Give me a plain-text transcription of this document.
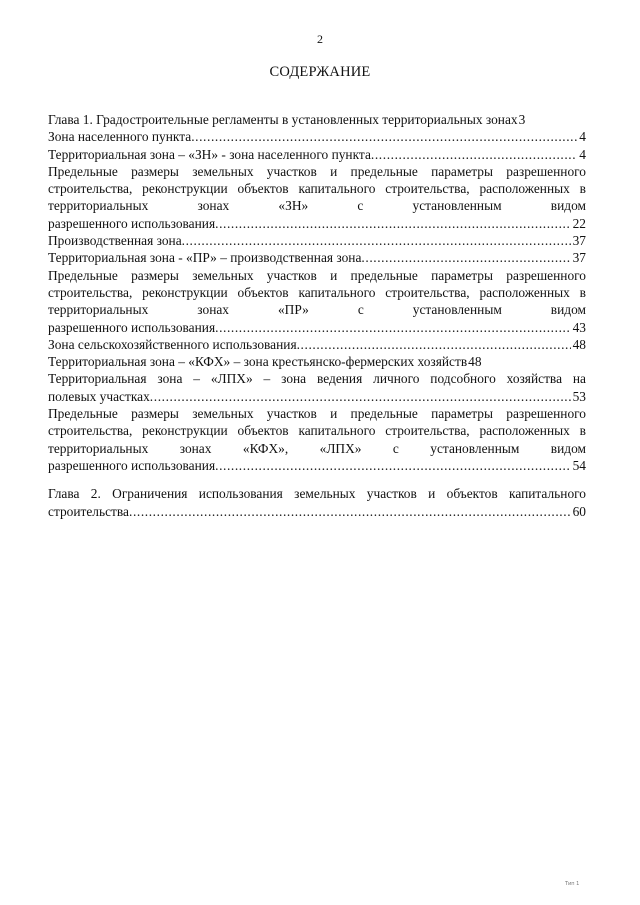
2
СОДЕРЖАНИЕ
Глава 1. Градостроительные регламенты в установленных территориальных зонах 3
Зона населенного пункта .....	4
Территориальная зона – «ЗН» - зона населенного пункта .....	4
Предельные размеры земельных участков и предельные параметры разрешенного строительства, реконструкции объектов капитального строительства, расположенных в территориальных зонах «ЗН» с установленным видом
разрешенного использования .....	22
Производственная зона .....	37
Территориальная зона - «ПР» – производственная зона .....	37
Предельные размеры земельных участков и предельные параметры разрешенного строительства, реконструкции объектов капитального строительства, расположенных в территориальных зонах «ПР» с установленным видом
разрешенного использования .....	43
Зона сельскохозяйственного использования .....	48
Территориальная зона – «КФХ» – зона крестьянско-фермерских хозяйств 48
Территориальная зона – «ЛПХ» – зона ведения личного подсобного хозяйства на
полевых участках .....	53
Предельные размеры земельных участков и предельные параметры разрешенного строительства, реконструкции объектов капитального строительства, расположенных в территориальных зонах «КФХ», «ЛПХ» с установленным видом
разрешенного использования .....	54
Глава 2. Ограничения использования земельных участков и объектов капитального
строительства .....	60
Тип 1
